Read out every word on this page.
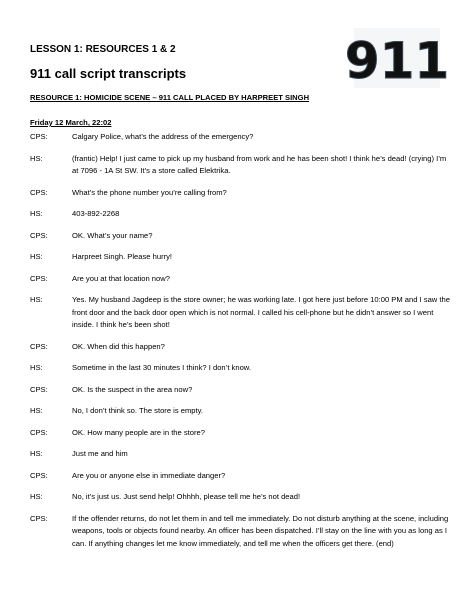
LESSON 1: RESOURCES 1 & 2
911 call script transcripts	911
RESOURCE 1: HOMICIDE SCENE – 911 CALL PLACED BY HARPREET SINGH
Friday 12 March, 22:02
CPS:	Calgary Police, what’s the address of the emergency?
HS:	(frantic) Help! I just came to pick up my husband from work and he has been shot! I think he’s dead! (crying) I’m at 7096 - 1A St SW. It’s a store called Elektrika.
CPS:	What’s the phone number you’re calling from?
HS:	403-892-2268
CPS:	OK. What’s your name?
HS:	Harpreet Singh. Please hurry!
CPS:	Are you at that location now?
HS:	Yes. My husband Jagdeep is the store owner; he was working late. I got here just before 10:00 PM and I saw the front door and the back door open which is not normal. I called his cell-phone but he didn’t answer so I went inside. I think he’s been shot!
CPS:	OK. When did this happen?
HS:	Sometime in the last 30 minutes I think? I don’t know.
CPS:	OK. Is the suspect in the area now?
HS:	No, I don’t think so. The store is empty.
CPS:	OK. How many people are in the store?
HS:	Just me and him
CPS:	Are you or anyone else in immediate danger?
HS:	No, it’s just us. Just send help! Ohhhh, please tell me he’s not dead!
CPS:	If the offender returns, do not let them in and tell me immediately. Do not disturb anything at the scene, including weapons, tools or objects found nearby. An officer has been dispatched. I’ll stay on the line with you as long as I can. If anything changes let me know immediately, and tell me when the officers get there. (end)
